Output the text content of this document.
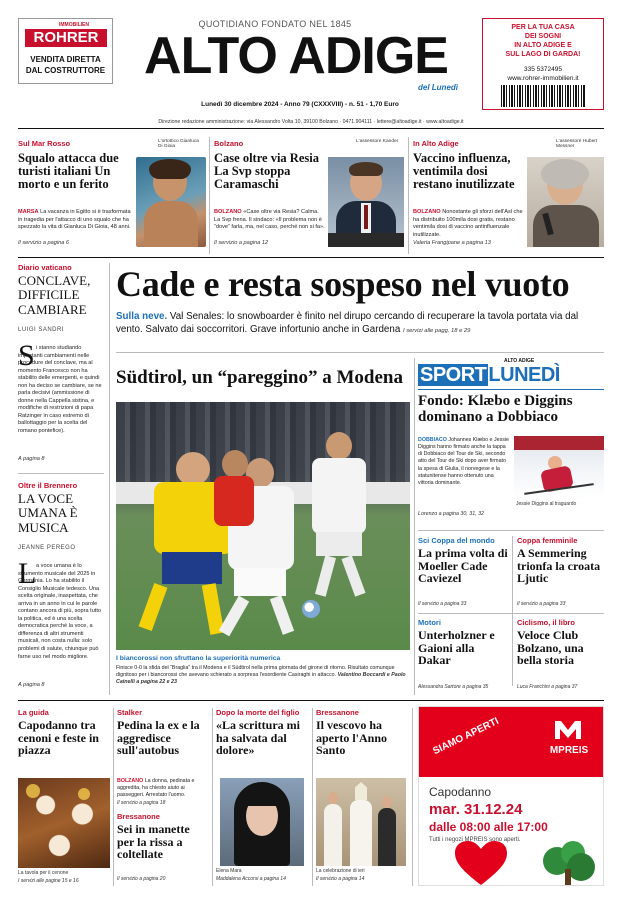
IMMOBILIEN
ROHRER
VENDITA DIRETTA
DAL COSTRUTTORE
QUOTIDIANO FONDATO NEL 1845
ALTO ADIGE
del Lunedì
Lunedì 30 dicembre 2024 - Anno 79 (CXXXVIII) - n. 51 - 1,70 Euro
PER LA TUA CASA
DEI SOGNI
IN ALTO ADIGE E
SUL LAGO DI GARDA!
335 5372495
www.rohrer-immobilien.it
Direzione redazione amministrazione: via Alessandro Volta 10, 39100 Bolzano · 0471.904111 · lettere@altoadige.it · www.altoadige.it
Sul Mar Rosso	L'ortottico Gianluca Di Gioia
Squalo attacca due turisti italiani Un morto e un ferito
MARSA La vacanza in Egitto si è trasformata in tragedia per l'attacco di uno squalo che ha spezzato la vita di Gianluca Di Gioia, 48 anni.
Il servizio a pagina 6
Bolzano	L'assessore Kander
Case oltre via Resia La Svp stoppa Caramaschi
BOLZANO «Case oltre via Resia? Calma. La Svp frena. Il sindaco: «Il problema non è “dove” farla, ma, nel caso, perché non si fa».
Il servizio a pagina 12
In Alto Adige	L'assessore Hubert Messner
Vaccino influenza, ventimila dosi restano inutilizzate
BOLZANO Nonostante gli sforzi dell'Asl che ha distribuito 100mila dosi gratis, restano ventimila dosi di vaccino antinfluenzale inutilizzate.
Valeria Frangipane a pagina 13
Diario vaticano
CONCLAVE, DIFFICILE CAMBIARE
LUIGI SANDRI
S i stanno studiando importanti cambiamenti nelle procedure del conclave, ma al momento Francesco non ha stabilito delle emergenti, e quindi non ha deciso se cambiare, se ne parla decisivi (ammissione di donne nella Cappella sistina, e modifiche di restrizioni di papa Ratzinger in caso estremo di ballottaggio per la scelta del romano pontefice).
A pagina 8
Oltre il Brennero
LA VOCE UMANA È MUSICA
JEANNE PEREGO
L a voce umana è lo strumento musicale del 2025 in Germania. Lo ha stabilito il Consiglio Musicale tedesco. Una scelta originale, inaspettata, che arriva in un anno in cui le parole contano ancora di più, sopra tutto la politica, ed è una scelta democratica perché la voce, a differenza di altri strumenti musicali, non costa nulla: solo problemi di salute, chiunque può farne uso nel modo migliore.
A pagina 8
Cade e resta sospeso nel vuoto
Sulla neve. Val Senales: lo snowboarder è finito nel dirupo cercando di recuperare la tavola portata via dal vento. Salvato dai soccorritori. Grave infortunio anche in Gardena I servizi alle pagg. 18 e 29
Südtirol, un “pareggino” a Modena
I biancorossi non sfruttano la superiorità numerica
Finisce 0-0 la sfida del “Braglia” tra il Modena e il Südtirol nella prima giornata del girone di ritorno. Risultato comunque dignitoso per i biancorossi che avevano schierato a sorpresa l'esordiente Casiraghi in attacco. Valentino Boccardi e Paolo Cainelli a pagina 22 e 23
ALTO ADIGE
SPORT LUNEDÌ
Fondo: Klæbo e Diggins dominano a Dobbiaco
DOBBIACO Johannes Klæbo e Jessie Diggins hanno firmato anche la tappa di Dobbiaco del Tour de Ski, secondo atto del Tour de Ski dopo aver firmato la spesa di Giulia, il norvegese e la statunitense hanno ottenuto una vittoria dominante.
Lorenzo a pagina 30, 31, 32
Jessie Diggins al traguardo
Sci Coppa del mondo
La prima volta di Moeller Cade Caviezel
Il servizio a pagina 33
Coppa femminile
A Semmering trionfa la croata Ljutic
Il servizio a pagina 33
Motori
Unterholzner e Gaioni alla Dakar
Alessandra Sartore a pagina 35
Ciclismo, il libro
Veloce Club Bolzano, una bella storia
Luca Franchini a pagina 37
La guida
Capodanno tra cenoni e feste in piazza
La tavola per il cenone
I servizi alle pagine 15 e 16
Stalker
Pedina la ex e la aggredisce sull'autobus
BOLZANO La donna, pedinata e aggredita, ha chiesto aiuto ai passeggeri. Arrestato l'uomo.
Il servizio a pagina 18
Bressanone
Sei in manette per la rissa a coltellate
Il servizio a pagina 20
Dopo la morte del figlio
«La scrittura mi ha salvata dal dolore»
Elena Mara
Maddalena Accorsi a pagina 14
Bressanone
Il vescovo ha aperto l'Anno Santo
La celebrazione di ieri
Il servizio a pagina 14
SIAMO APERTI	MPREIS
Capodanno
mar. 31.12.24
dalle 08:00 alle 17:00
Tutti i negozi MPREIS sono aperti.
